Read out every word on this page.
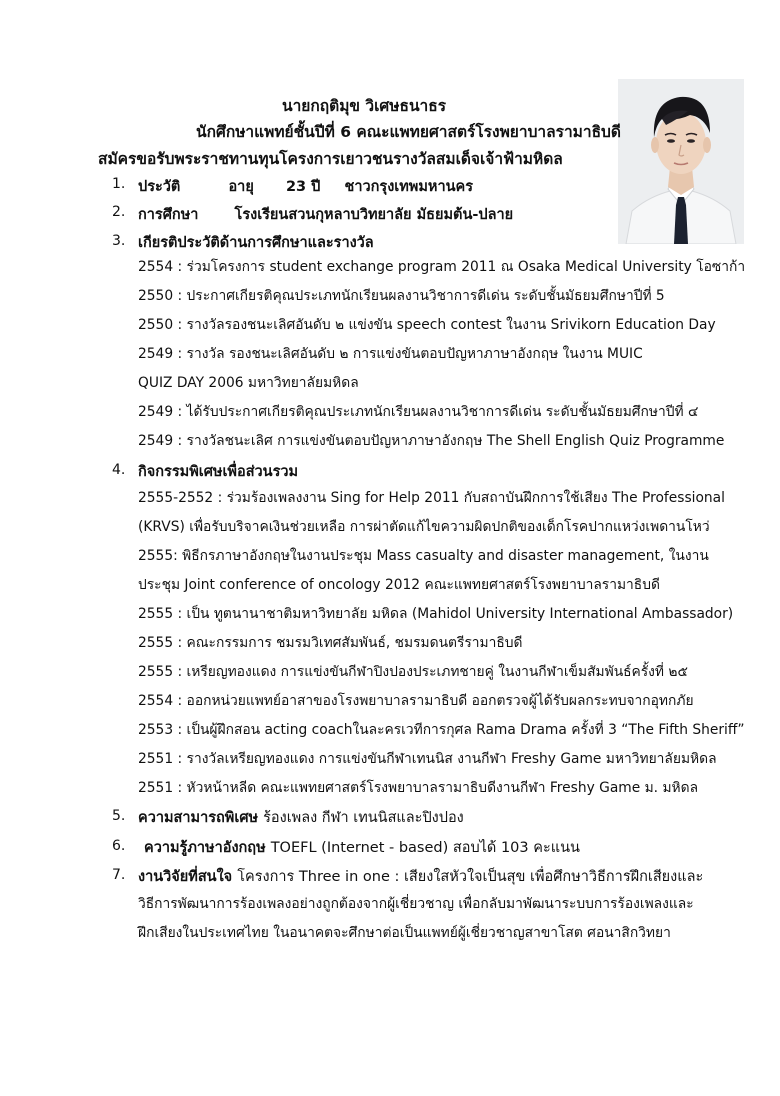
นายกฤติมุข วิเศษธนาธร
นักศึกษาแพทย์ชั้นปีที่ 6 คณะแพทยศาสตร์โรงพยาบาลรามาธิบดี
สมัครขอรับพระราชทานทุนโครงการเยาวชนรางวัลสมเด็จเจ้าฟ้ามหิดล
1. ประวัติ	อายุ 23 ปี ชาวกรุงเทพมหานคร
2. การศึกษา โรงเรียนสวนกุหลาบวิทยาลัย มัธยมต้น-ปลาย
3. เกียรติประวัติด้านการศึกษาและรางวัล
2554 : ร่วมโครงการ student exchange program 2011 ณ Osaka Medical University โอซาก้า
2550 : ประกาศเกียรติคุณประเภทนักเรียนผลงานวิชาการดีเด่น ระดับชั้นมัธยมศึกษาปีที่ 5
2550 : รางวัลรองชนะเลิศอันดับ ๒ แข่งขัน speech contest ในงาน Srivikorn Education Day
2549 : รางวัล รองชนะเลิศอันดับ ๒ การแข่งขันตอบปัญหาภาษาอังกฤษ ในงาน MUIC
QUIZ DAY 2006 มหาวิทยาลัยมหิดล
2549 : ได้รับประกาศเกียรติคุณประเภทนักเรียนผลงานวิชาการดีเด่น ระดับชั้นมัธยมศึกษาปีที่ ๔
2549 : รางวัลชนะเลิศ การแข่งขันตอบปัญหาภาษาอังกฤษ The Shell English Quiz Programme
4. กิจกรรมพิเศษเพื่อส่วนรวม
2555-2552 : ร่วมร้องเพลงงาน Sing for Help 2011 กับสถาบันฝึกการใช้เสียง The Professional
(KRVS) เพื่อรับบริจาคเงินช่วยเหลือ การผ่าตัดแก้ไขความผิดปกติของเด็กโรคปากแหว่งเพดานโหว่
2555: พิธีกรภาษาอังกฤษในงานประชุม Mass casualty and disaster management, ในงาน
ประชุม Joint conference of oncology 2012 คณะแพทยศาสตร์โรงพยาบาลรามาธิบดี
2555 : เป็น ทูตนานาชาติมหาวิทยาลัย มหิดล (Mahidol University International Ambassador)
2555 : คณะกรรมการ ชมรมวิเทศสัมพันธ์, ชมรมดนตรีรามาธิบดี
2555 : เหรียญทองแดง การแข่งขันกีฬาปิงปองประเภทชายคู่ ในงานกีฬาเข็มสัมพันธ์ครั้งที่ ๒๕
2554 : ออกหน่วยแพทย์อาสาของโรงพยาบาลรามาธิบดี ออกตรวจผู้ได้รับผลกระทบจากอุทกภัย
2553 : เป็นผู้ฝึกสอน acting coachในละครเวทีการกุศล Rama Drama ครั้งที่ 3 “The Fifth Sheriff”
2551 : รางวัลเหรียญทองแดง การแข่งขันกีฬาเทนนิส งานกีฬา Freshy Game มหาวิทยาลัยมหิดล
2551 : หัวหน้าหลีด คณะแพทยศาสตร์โรงพยาบาลรามาธิบดีงานกีฬา Freshy Game ม. มหิดล
5. ความสามารถพิเศษ ร้องเพลง กีฬา เทนนิสและปิงปอง
6. ความรู้ภาษาอังกฤษ TOEFL (Internet - based) สอบได้ 103 คะแนน
7. งานวิจัยที่สนใจ โครงการ Three in one : เสียงใสหัวใจเป็นสุข เพื่อศึกษาวิธีการฝึกเสียงและ
วิธีการพัฒนาการร้องเพลงอย่างถูกต้องจากผู้เชี่ยวชาญ เพื่อกลับมาพัฒนาระบบการร้องเพลงและ
ฝึกเสียงในประเทศไทย ในอนาคตจะศึกษาต่อเป็นแพทย์ผู้เชี่ยวชาญสาขาโสต ศอนาสิกวิทยา
